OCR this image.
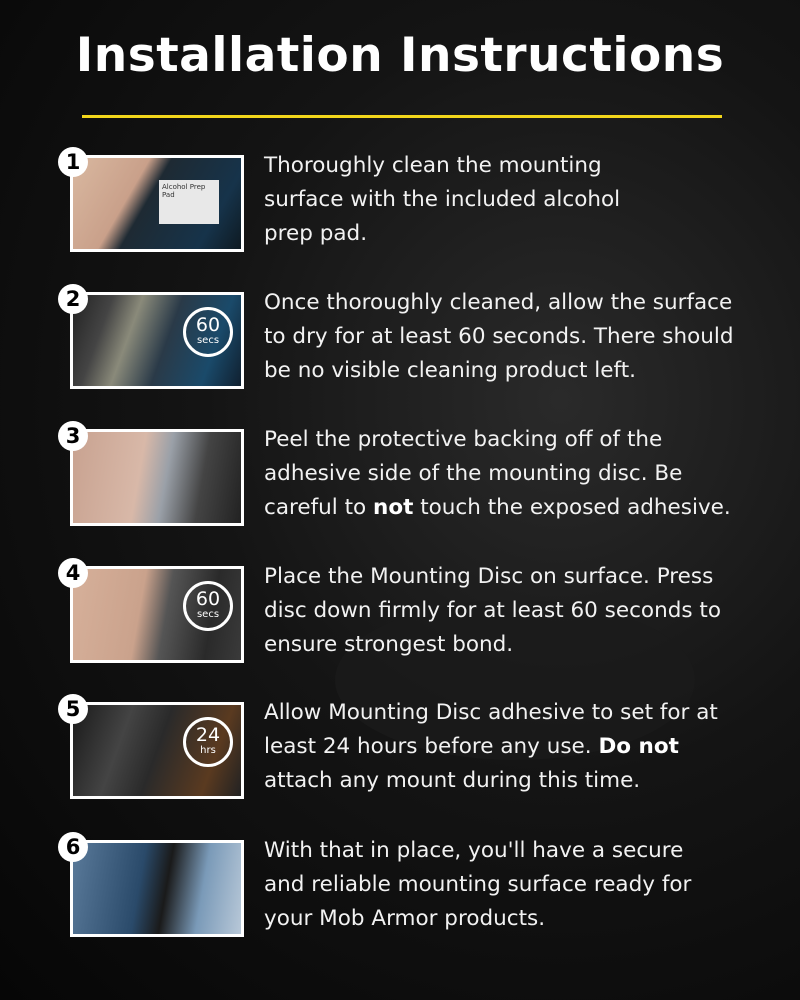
Installation Instructions
1
Alcohol Prep Pad
Thoroughly clean the mounting surface with the included alcohol prep pad.
2
60
secs
Once thoroughly cleaned, allow the surface to dry for at least 60 seconds. There should be no visible cleaning product left.
3	Peel the protective backing off of the adhesive side of the mounting disc. Be careful to not touch the exposed adhesive.
4
60
secs
Place the Mounting Disc on surface. Press disc down firmly for at least 60 seconds to ensure strongest bond.
5
24
hrs
Allow Mounting Disc adhesive to set for at least 24 hours before any use. Do not attach any mount during this time.
6	With that in place, you'll have a secure and reliable mounting surface ready for your Mob Armor products.
